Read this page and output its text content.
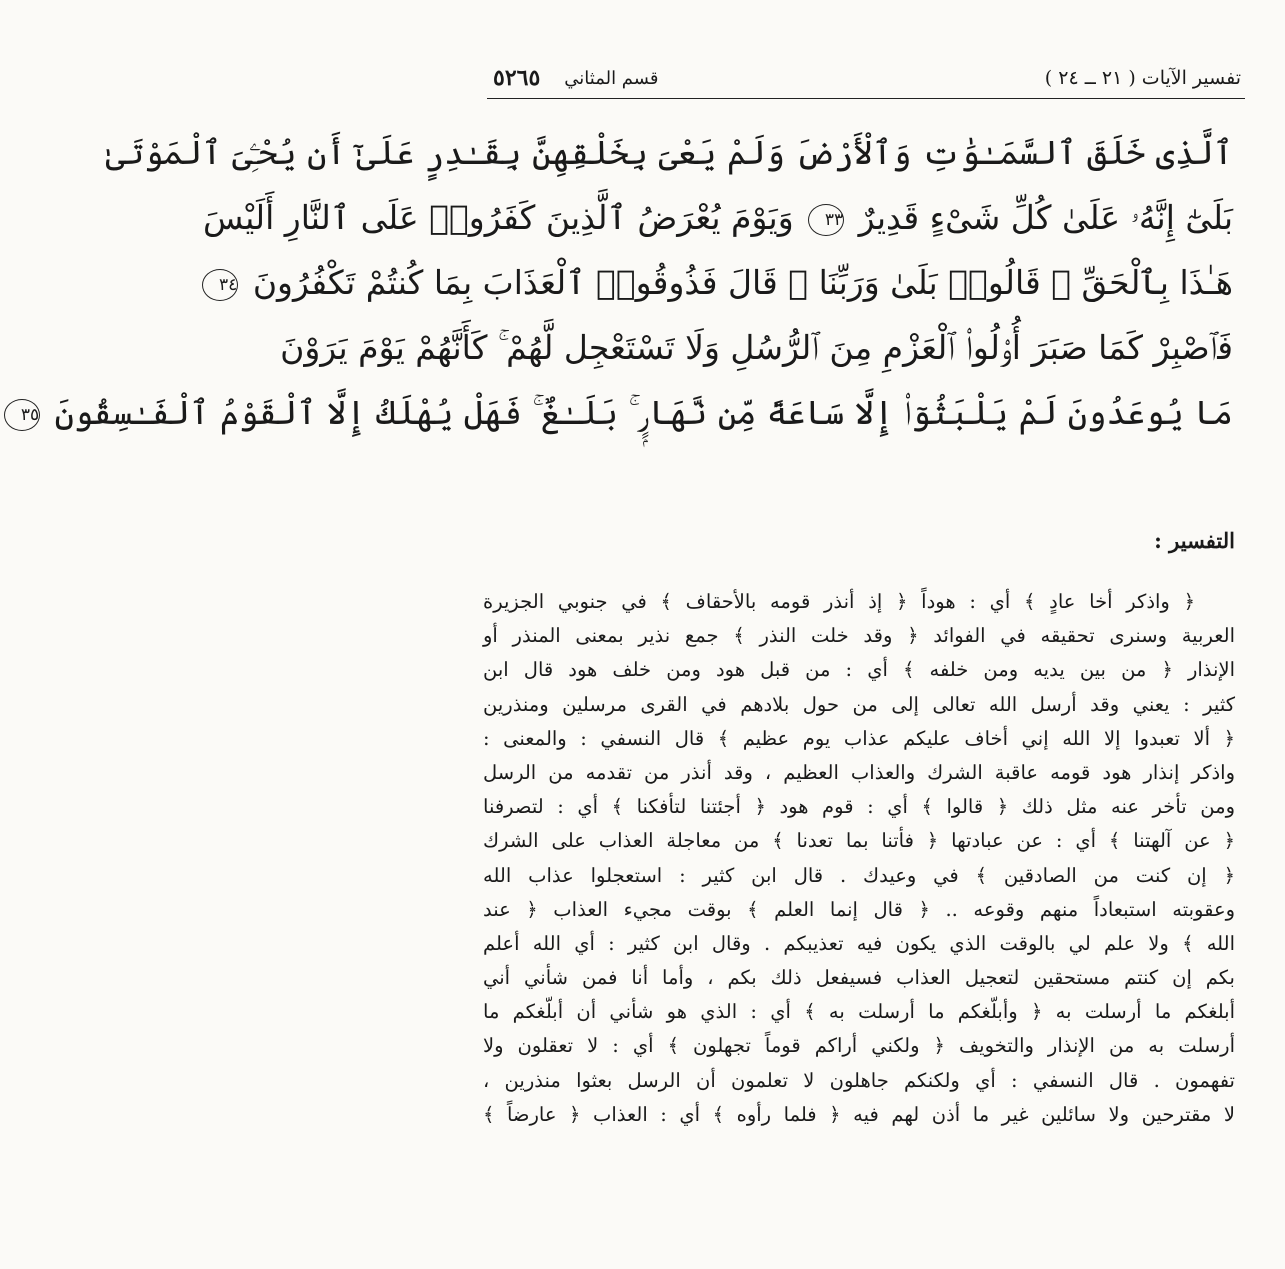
تفسير الآيات ( ٢١ ــ ٢٤ )
قسم المثاني
٥٢٦٥
ٱلَّذِى خَلَقَ ٱلسَّمَـٰوَٰتِ وَٱلْأَرْضَ وَلَمْ يَعْىَ بِخَلْقِهِنَّ بِقَـٰدِرٍ عَلَىٰٓ أَن يُحْـِۧىَ ٱلْمَوْتَىٰ
بَلَىٰٓ إِنَّهُۥ عَلَىٰ كُلِّ شَىْءٍ قَدِيرٌ ٣٣ وَيَوْمَ يُعْرَضُ ٱلَّذِينَ كَفَرُوا۟ عَلَى ٱلنَّارِ أَلَيْسَ
هَـٰذَا بِٱلْحَقِّ ۖ قَالُوا۟ بَلَىٰ وَرَبِّنَا ۚ قَالَ فَذُوقُوا۟ ٱلْعَذَابَ بِمَا كُنتُمْ تَكْفُرُونَ ٣٤
فَٱصْبِرْ كَمَا صَبَرَ أُو۟لُوا۟ ٱلْعَزْمِ مِنَ ٱلرُّسُلِ وَلَا تَسْتَعْجِل لَّهُمْ ۚ كَأَنَّهُمْ يَوْمَ يَرَوْنَ
مَا يُوعَدُونَ لَمْ يَلْبَثُوٓا۟ إِلَّا سَاعَةً مِّن نَّهَارٍۭ ۚ بَلَـٰغٌ ۚ فَهَلْ يُهْلَكُ إِلَّا ٱلْقَوْمُ ٱلْفَـٰسِقُونَ ٣٥
التفسير :
﴿ واذكر أخا عادٍ ﴾ أي : هوداً ﴿ إذ أنذر قومه بالأحقاف ﴾ في جنوبي الجزيرة
العربية وسنرى تحقيقه في الفوائد ﴿ وقد خلت النذر ﴾ جمع نذير بمعنى المنذر أو
الإنذار ﴿ من بين يديه ومن خلفه ﴾ أي : من قبل هود ومن خلف هود قال ابن
كثير : يعني وقد أرسل الله تعالى إلى من حول بلادهم في القرى مرسلين ومنذرين
﴿ ألا تعبدوا إلا الله إني أخاف عليكم عذاب يوم عظيم ﴾ قال النسفي : والمعنى :
واذكر إنذار هود قومه عاقبة الشرك والعذاب العظيم ، وقد أنذر من تقدمه من الرسل
ومن تأخر عنه مثل ذلك ﴿ قالوا ﴾ أي : قوم هود ﴿ أجئتنا لتأفكنا ﴾ أي : لتصرفنا
﴿ عن آلهتنا ﴾ أي : عن عبادتها ﴿ فأتنا بما تعدنا ﴾ من معاجلة العذاب على الشرك
﴿ إن كنت من الصادقين ﴾ في وعيدك . قال ابن كثير : استعجلوا عذاب الله
وعقوبته استبعاداً منهم وقوعه .. ﴿ قال إنما العلم ﴾ بوقت مجيء العذاب ﴿ عند
الله ﴾ ولا علم لي بالوقت الذي يكون فيه تعذيبكم . وقال ابن كثير : أي الله أعلم
بكم إن كنتم مستحقين لتعجيل العذاب فسيفعل ذلك بكم ، وأما أنا فمن شأني أني
أبلغكم ما أرسلت به ﴿ وأبلّغكم ما أرسلت به ﴾ أي : الذي هو شأني أن أبلّغكم ما
أرسلت به من الإنذار والتخويف ﴿ ولكني أراكم قوماً تجهلون ﴾ أي : لا تعقلون ولا
تفهمون . قال النسفي : أي ولكنكم جاهلون لا تعلمون أن الرسل بعثوا منذرين ،
لا مقترحين ولا سائلين غير ما أذن لهم فيه ﴿ فلما رأوه ﴾ أي : العذاب ﴿ عارضاً ﴾
